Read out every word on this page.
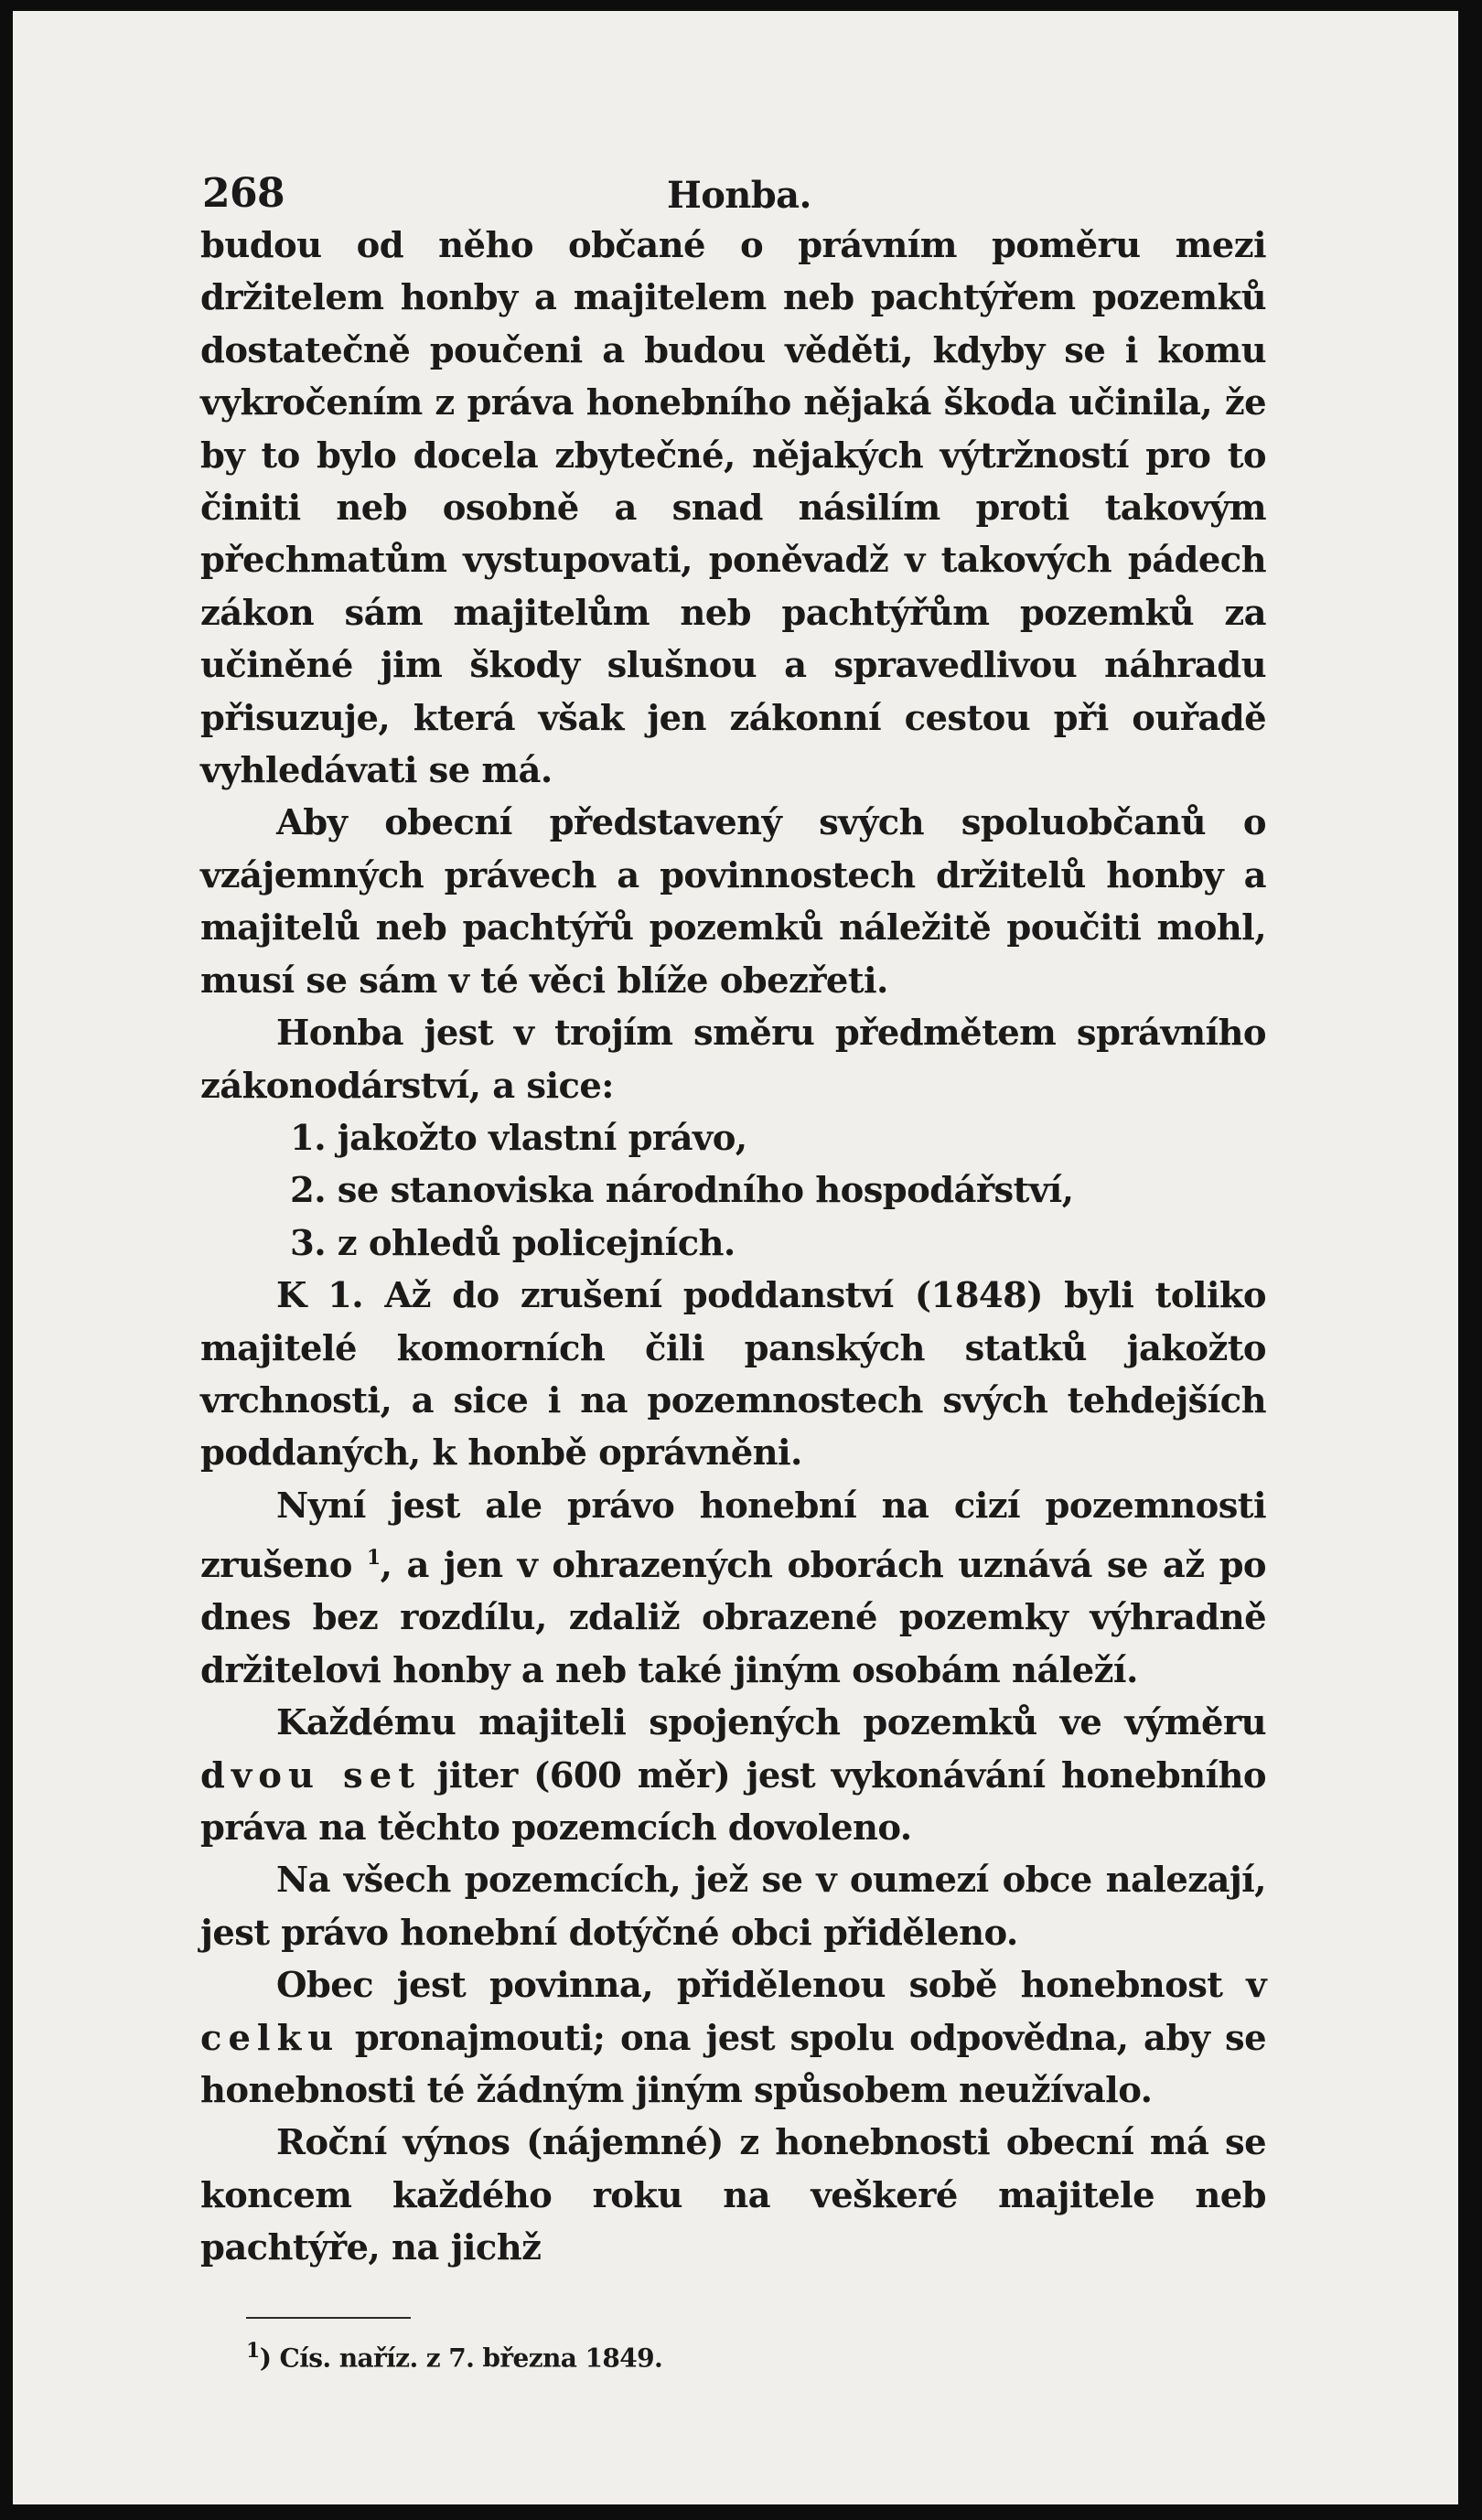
268	Honba.

budou od něho občané o právním poměru mezi držitelem honby a majitelem neb pachtýřem pozemků dostatečně poučeni a budou věděti, kdyby se i komu vykročením z práva honebního nějaká škoda učinila, že by to bylo docela zbytečné, nějakých výtržností pro to činiti neb osobně a snad násilím proti takovým přechmatům vystupovati, poněvadž v takových pádech zákon sám majitelům neb pachtýřům pozemků za učiněné jim škody slušnou a spravedlivou náhradu přisuzuje, která však jen zákonní cestou při ouřadě vyhledávati se má.

Aby obecní představený svých spoluobčanů o vzájemných právech a povinnostech držitelů honby a majitelů neb pachtýřů pozemků náležitě poučiti mohl, musí se sám v té věci blíže obezřeti.

Honba jest v trojím směru předmětem správního zákonodárství, a sice:

1. jakožto vlastní právo,

2. se stanoviska národního hospodářství,

3. z ohledů policejních.

K 1. Až do zrušení poddanství (1848) byli toliko majitelé komorních čili panských statků jakožto vrchnosti, a sice i na pozemnostech svých tehdejších poddaných, k honbě oprávněni.

Nyní jest ale právo honební na cizí pozemnosti zrušeno $^1$, a jen v ohrazených oborách uznává se až po dnes bez rozdílu, zdaliž obrazené pozemky výhradně držitelovi honby a neb také jiným osobám náleží.

Každému majiteli spojených pozemků ve výměru dvou set jiter (600 měr) jest vykonávání honebního práva na těchto pozemcích dovoleno.

Na všech pozemcích, jež se v oumezí obce nalezají, jest právo honební dotýčné obci přiděleno.

Obec jest povinna, přidělenou sobě honebnost v celku pronajmouti; ona jest spolu odpovědna, aby se honebnosti té žádným jiným spůsobem neužívalo.

Roční výnos (nájemné) z honebnosti obecní má se koncem každého roku na veškeré majitele neb pachtýře, na jichž

$^1$) Cís. naříz. z 7. března 1849.
